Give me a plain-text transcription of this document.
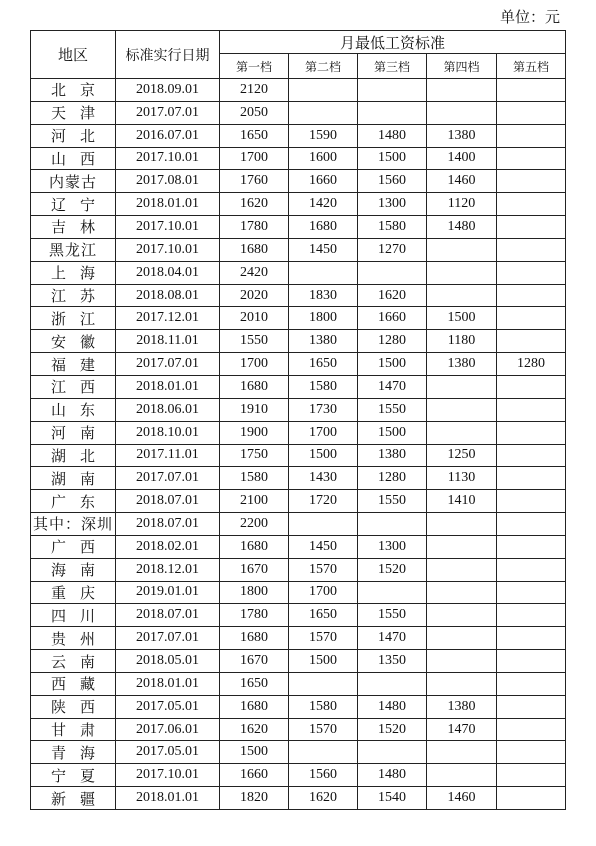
单位：元
地区	标准实行日期	月最低工资标准				
		第一档	第二档	第三档	第四档	第五档
北京	2018.09.01	2120				
天津	2017.07.01	2050				
河北	2016.07.01	1650	1590	1480	1380	
山西	2017.10.01	1700	1600	1500	1400	
内蒙古	2017.08.01	1760	1660	1560	1460	
辽宁	2018.01.01	1620	1420	1300	1120	
吉林	2017.10.01	1780	1680	1580	1480	
黑龙江	2017.10.01	1680	1450	1270		
上海	2018.04.01	2420				
江苏	2018.08.01	2020	1830	1620		
浙江	2017.12.01	2010	1800	1660	1500	
安徽	2018.11.01	1550	1380	1280	1180	
福建	2017.07.01	1700	1650	1500	1380	1280
江西	2018.01.01	1680	1580	1470		
山东	2018.06.01	1910	1730	1550		
河南	2018.10.01	1900	1700	1500		
湖北	2017.11.01	1750	1500	1380	1250	
湖南	2017.07.01	1580	1430	1280	1130	
广东	2018.07.01	2100	1720	1550	1410	
其中：深圳	2018.07.01	2200				
广西	2018.02.01	1680	1450	1300		
海南	2018.12.01	1670	1570	1520		
重庆	2019.01.01	1800	1700			
四川	2018.07.01	1780	1650	1550		
贵州	2017.07.01	1680	1570	1470		
云南	2018.05.01	1670	1500	1350		
西藏	2018.01.01	1650				
陕西	2017.05.01	1680	1580	1480	1380	
甘肃	2017.06.01	1620	1570	1520	1470	
青海	2017.05.01	1500				
宁夏	2017.10.01	1660	1560	1480		
新疆	2018.01.01	1820	1620	1540	1460	
